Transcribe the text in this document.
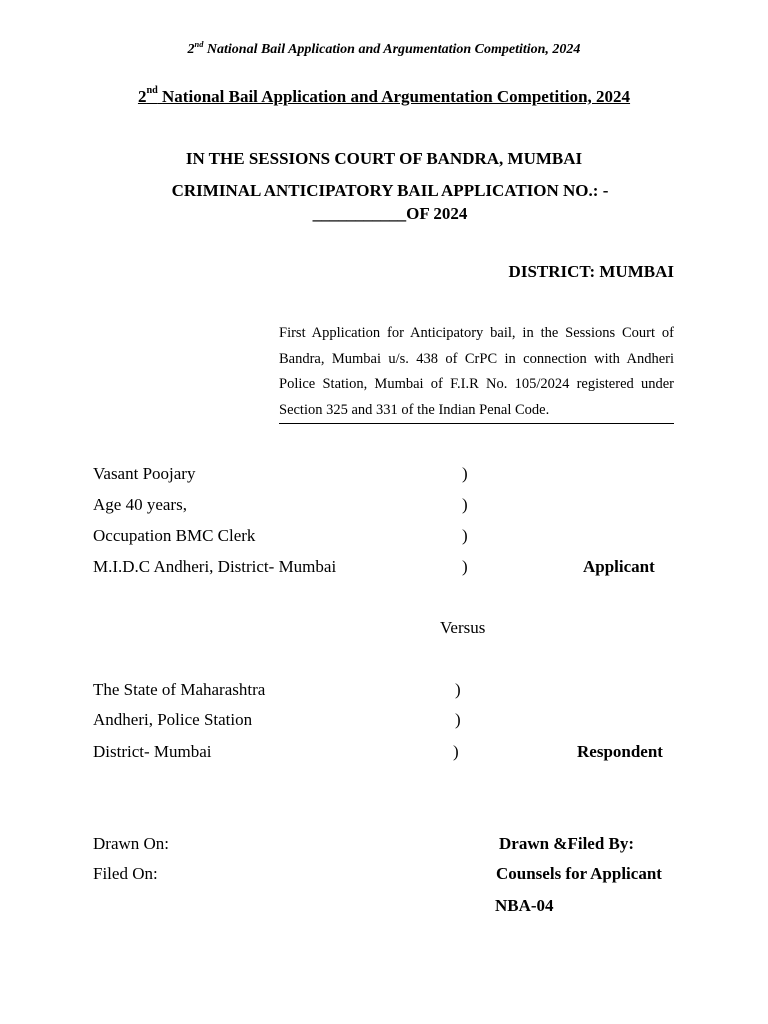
2nd National Bail Application and Argumentation Competition, 2024
2nd National Bail Application and Argumentation Competition, 2024
IN THE SESSIONS COURT OF BANDRA, MUMBAI
CRIMINAL ANTICIPATORY BAIL APPLICATION NO.: -
___________OF 2024
DISTRICT: MUMBAI
First Application for Anticipatory bail, in the Sessions Court of Bandra, Mumbai u/s. 438 of CrPC in connection with Andheri Police Station, Mumbai of F.I.R No. 105/2024 registered under Section 325 and 331 of the Indian Penal Code.
Vasant Poojary	)
Age 40 years,	)
Occupation BMC Clerk	)
M.I.D.C Andheri, District- Mumbai	)	Applicant
Versus
The State of Maharashtra	)
Andheri, Police Station	)
District- Mumbai	)	Respondent
Drawn On:	Drawn &Filed By:
Filed On:	Counsels for Applicant
NBA-04
